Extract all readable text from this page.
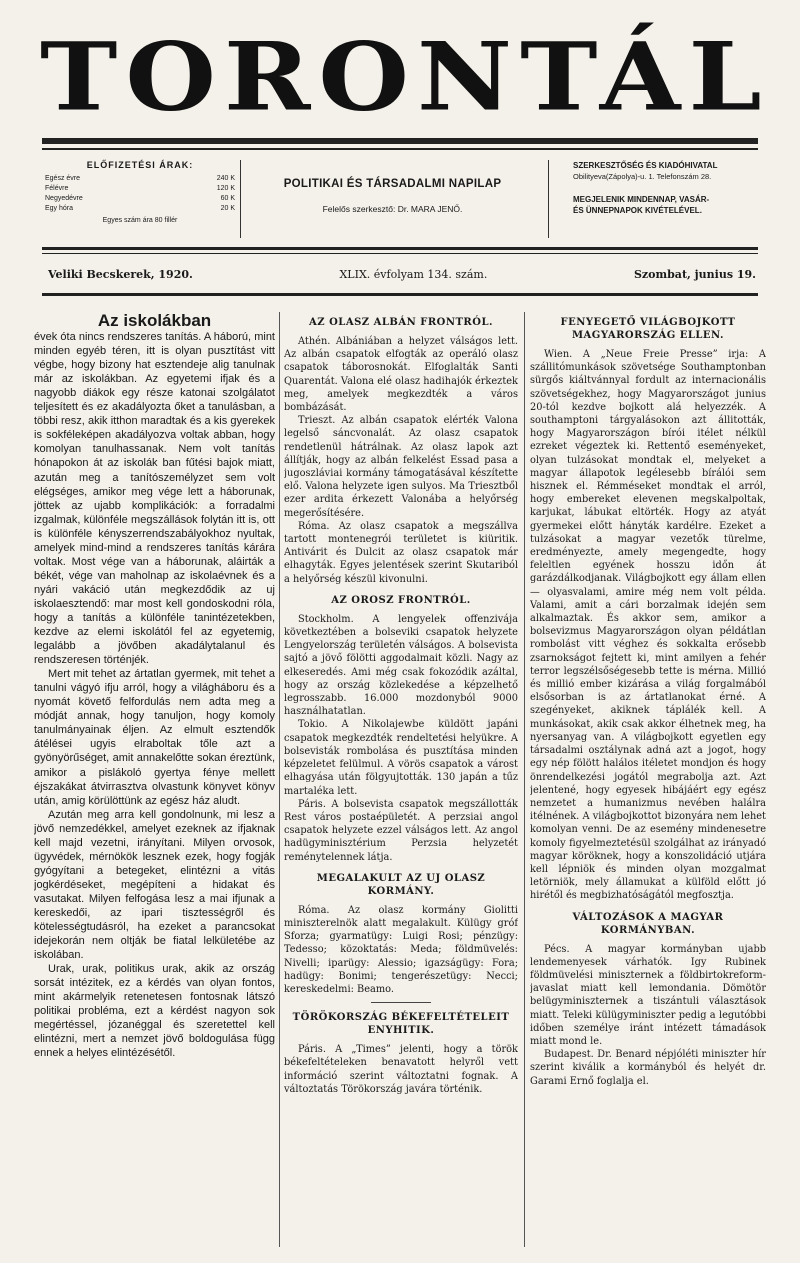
TORONTÁL
ELŐFIZETÉSI ÁRAK:
Egész évre	240 K
Félévre	120 K
Negyedévre	60 K
Egy hóra	20 K
Egyes szám ára 80 fillér
POLITIKAI ÉS TÁRSADALMI NAPILAP
Felelős szerkesztő: Dr. MARA JENŐ.
SZERKESZTŐSÉG ÉS KIADÓHIVATAL
Obilityeva(Zápolya)-u. 1. Telefonszám 28.
MEGJELENIK MINDENNAP, VASÁR-
ÉS ÜNNEPNAPOK KIVÉTELÉVEL.
Veliki Becskerek, 1920.	XLIX. évfolyam 134. szám.	Szombat, junius 19.
Az iskolákban

évek óta nincs rendszeres tanítás. A háború, mint minden egyéb téren, itt is olyan pusztítást vitt végbe, hogy bizony hat esztendeje alig tanulnak már az iskolákban. Az egyetemi ifjak és a nagyobb diákok egy része katonai szolgálatot teljesített és ez akadályozta őket a tanulásban, a többi resz, akik itthon maradtak és a kis gyerekek is sokféleképen akadályozva voltak abban, hogy komolyan tanulhassanak. Nem volt tanítás hónapokon át az iskolák ban fűtési bajok miatt, azután meg a tanítószemélyzet sem volt elégséges, amikor meg vége lett a háborunak, jöttek az ujabb komplikációk: a forradalmi izgalmak, különféle megszállások folytán itt is, ott is különféle kényszerrendszabályokhoz nyultak, amelyek mind-mind a rendszeres tanítás kárára voltak. Most vége van a háborunak, aláirták a békét, vége van maholnap az iskolaévnek és a nyári vakáció után megkezdődik az uj iskolaesztendő: mar most kell gondoskodni róla, hogy a tanítás a különféle tanintézetekben, kezdve az elemi iskolától fel az egyetemig, legalább a jövőben akadálytalanul és rendszeresen történjék.

Mert mit tehet az ártatlan gyermek, mit tehet a tanulni vágyó ifju arról, hogy a világháboru és a nyomát követő felfordulás nem adta meg a módját annak, hogy tanuljon, hogy komoly tanulmányainak éljen. Az elmult esztendők átélései ugyis elraboltak tőle azt a gyönyörűséget, amit annakelőtte sokan éreztünk, amikor a pislákoló gyertya fénye mellett éjszakákat átvirrasztva olvastunk könyvet könyv után, amig körülöttünk az egész ház aludt.

Azután meg arra kell gondolnunk, mi lesz a jövő nemzedékkel, amelyet ezeknek az ifjaknak kell majd vezetni, irányítani. Milyen orvosok, ügyvédek, mérnökök lesznek ezek, hogy fogják gyógyítani a betegeket, elintézni a vitás jogkérdéseket, megépíteni a hidakat és vasutakat. Milyen felfogása lesz a mai ifjunak a kereskedői, az ipari tisztességről és kötelességtudásról, ha ezeket a parancsokat idejekorán nem oltják be fiatal lelkületébe az iskolában.

Urak, urak, politikus urak, akik az ország sorsát intézitek, ez a kérdés van olyan fontos, mint akármelyik retenetesen fontosnak látszó politikai probléma, ezt a kérdést nagyon sok megértéssel, józanéggal és szeretettel kell elintézni, mert a nemzet jövő boldogulása függ ennek a helyes elintézésétől.

AZ OLASZ ALBÁN FRONTRÓL.

Athén. Albániában a helyzet válságos lett. Az albán csapatok elfogták az operáló olasz csapatok táborosnokát. Elfoglalták Santi Quarentát. Valona elé olasz hadihajók érkeztek meg, amelyek megkezdték a város bombázását.

Trieszt. Az albán csapatok elérték Valona legelső sáncvonalát. Az olasz csapatok rendetlenül hátrálnak. Az olasz lapok azt állítják, hogy az albán felkelést Essad pasa a jugoszláviai kormány támogatásával készítette elő. Valona helyzete igen sulyos. Ma Triesztből ezer ardita érkezett Valonába a helyőrség megerősítésére.

Róma. Az olasz csapatok a megszállva tartott montenegrói területet is kiüritik. Antivárit és Dulcit az olasz csapatok már elhagyták. Egyes jelentések szerint Skutariból a helyőrség készül kivonulni.

AZ OROSZ FRONTRÓL.

Stockholm. A lengyelek offenzivája következtében a bolseviki csapatok helyzete Lengyelország területén válságos. A bolsevista sajtó a jövő fölötti aggodalmait közli. Nagy az elkeseredés. Ami még csak fokozódik azáltal, hogy az ország közlekedése a képzelhető legrosszabb. 16.000 mozdonyból 9000 használhatatlan.

Tokio. A Nikolajewbe küldött japáni csapatok megkezdték rendeltetési helyükre. A bolsevisták rombolása és pusztítása minden képzeletet felülmul. A vörös csapatok a várost elhagyása után fölgyujtották. 130 japán a tűz martaléka lett.

Páris. A bolsevista csapatok megszállották Rest város postaépületét. A perzsiai angol csapatok helyzete ezzel válságos lett. Az angol hadügyminisztérium Perzsia helyzetét reménytelennek látja.

MEGALAKULT AZ UJ OLASZ KORMÁNY.

Róma. Az olasz kormány Giolitti miniszterelnök alatt megalakult. Külügy gróf Sforza; gyarmatügy: Luigi Rosi; pénzügy: Tedesso; közoktatás: Meda; földmüvelés: Nivelli; iparügy: Alessio; igazságügy: Fora; hadügy: Bonimi; tengerészetügy: Necci; kereskedelmi: Beamo.

TÖRÖKORSZÁG BÉKEFELTÉTELEIT ENYHITIK.

Páris. A „Times” jelenti, hogy a török békefeltételeken benavatott helyről vett információ szerint változtatni fognak. A változtatás Törökország javára történik.

FENYEGETŐ VILÁGBOJKOTT MAGYARORSZÁG ELLEN.

Wien. A „Neue Freie Presse” irja: A szállitómunkások szövetsége Southamptonban sürgős kiáltvánnyal fordult az internacionális szövetségekhez, hogy Magyarországot junius 20-tól kezdve bojkott alá helyezzék. A southamptoni tárgyalásokon azt állitották, hogy Magyarországon bírói itélet nélkül ezreket végeztek ki. Rettentő eseményeket, olyan tulzásokat mondtak el, melyeket a magyar állapotok legélesebb bírálói sem hisznek el. Rémméseket mondtak el arról, hogy embereket elevenen megskalpoltak, karjukat, lábukat eltörték. Hogy az atyát gyermekei előtt hányták kardélre. Ezeket a tulzásokat a magyar vezetők türelme, eredményezte, amely megengedte, hogy feleltlen egyének hosszu időn át garázdálkodjanak. Világbojkott egy állam ellen — olyasvalami, amire még nem volt példa. Valami, amit a cári borzalmak idején sem alkalmaztak. És akkor sem, amikor a bolsevizmus Magyarországon olyan példátlan rombolást vitt véghez és sokkalta erősebb zsarnokságot fejtett ki, mint amilyen a fehér terror legszélsőségesebb tette is mérna. Millió és millió ember kizárása a világ forgalmából elsősorban is az ártatlanokat érné. A szegényeket, akiknek táplálék kell. A munkásokat, akik csak akkor élhetnek meg, ha nyersanyag van. A világbojkott egyetlen egy társadalmi osztálynak adná azt a jogot, hogy egy nép fölött halálos itéletet mondjon és hogy önrendelkezési jogától megrabolja azt. Azt jelentené, hogy egyesek hibájáért egy egész nemzetet a humanizmus nevében halálra itélnének. A világbojkottot bizonyára nem lehet komolyan venni. De az esemény mindenesetre komoly figyelmeztetésül szolgálhat az irányadó magyar köröknek, hogy a konszolidáció utjára kell lépniök és minden olyan mozgalmat letörniök, mely államukat a külföld előtt jó hirétől és megbizhatóságától megfosztja.

VÁLTOZÁSOK A MAGYAR KORMÁNYBAN.

Pécs. A magyar kormányban ujabb lendemenyesek várhatók. Igy Rubinek földmüvelési miniszternek a földbirtokreform-javaslat miatt kell lemondania. Dömötör belügyminiszternek a tiszántuli választások miatt. Teleki külügyminiszter pedig a legutóbbi időben személye iránt intézett támadások miatt mond le.

Budapest. Dr. Benard népjóléti miniszter hír szerint kiválik a kormányból és helyét dr. Garami Ernő foglalja el.
